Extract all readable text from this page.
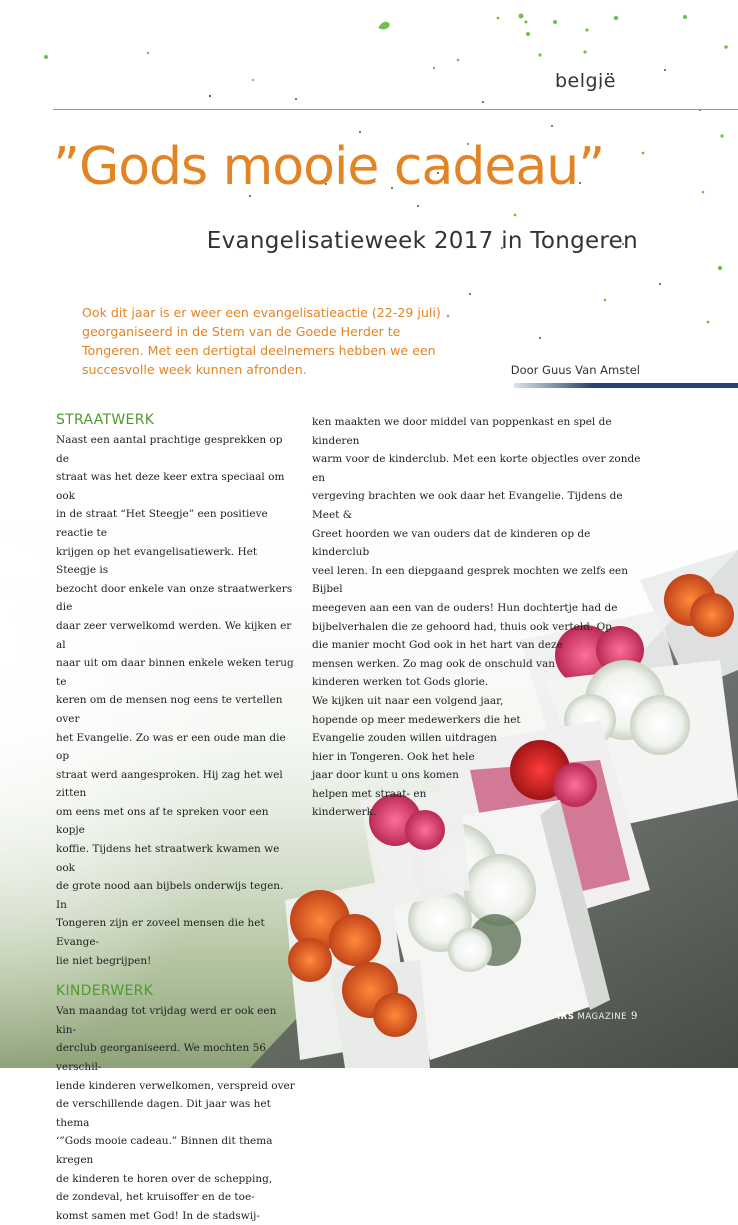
belgië
”Gods mooie cadeau”
Evangelisatieweek 2017 in Tongeren

Ook dit jaar is er weer een evangelisatieactie (22-29 juli) georganiseerd in de Stem van de Goede Herder te Tongeren. Met een dertigtal deelnemers hebben we een succesvolle week kunnen afronden.	Door Guus Van Amstel
STRAATWERK

Naast een aantal prachtige gesprekken op de

straat was het deze keer extra speciaal om ook

in de straat “Het Steegje” een positieve reactie te

krijgen op het evangelisatiewerk. Het Steegje is

bezocht door enkele van onze straatwerkers die

daar zeer verwelkomd werden. We kijken er al

naar uit om daar binnen enkele weken terug te

keren om de mensen nog eens te vertellen over

het Evangelie. Zo was er een oude man die op

straat werd aangesproken. Hij zag het wel zitten

om eens met ons af te spreken voor een kopje

koffie. Tijdens het straatwerk kwamen we ook

de grote nood aan bijbels onderwijs tegen. In

Tongeren zijn er zoveel mensen die het Evange-

lie niet begrijpen!

KINDERWERK

Van maandag tot vrijdag werd er ook een kin-

derclub georganiseerd. We mochten 56 verschil-

lende kinderen verwelkomen, verspreid over

de verschillende dagen. Dit jaar was het thema

‘”Gods mooie cadeau.” Binnen dit thema kregen

de kinderen te horen over de schepping,

de zondeval, het kruisoffer en de toe-

komst samen met God! In de stadswij-

ken maakten we door middel van poppenkast en spel de kinderen

warm voor de kinderclub. Met een korte objectles over zonde en

vergeving brachten we ook daar het Evangelie. Tijdens de Meet &

Greet hoorden we van ouders dat de kinderen op de kinderclub

veel leren. In een diepgaand gesprek mochten we zelfs een Bijbel

meegeven aan een van de ouders! Hun dochtertje had de

bijbelverhalen die ze gehoord had, thuis ook verteld. Op

die manier mocht God ook in het hart van deze

mensen werken. Zo mag ook de onschuld van

kinderen werken tot Gods glorie.

We kijken uit naar een volgend jaar,

hopende op meer medewerkers die het

Evangelie zouden willen uitdragen

hier in Tongeren. Ook het hele

jaar door kunt u ons komen

helpen met straat- en

kinderwerk.

IRS MAGAZINE 9
